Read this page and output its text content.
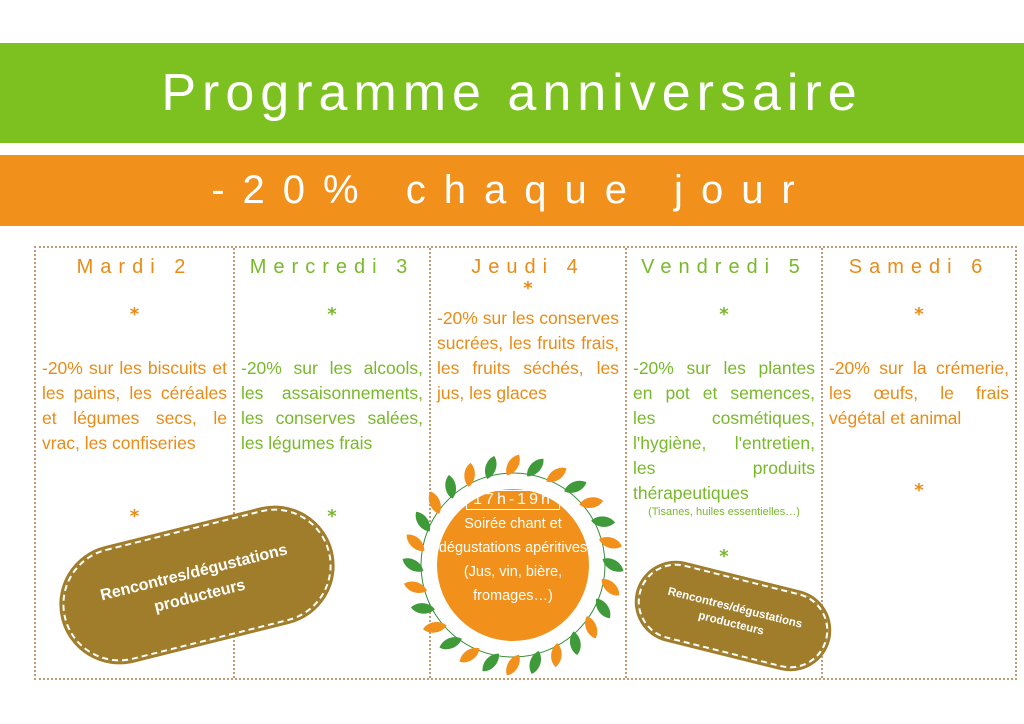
Programme anniversaire
-20% chaque jour
Mardi 2
*
-20% sur les biscuits et les pains, les céréales et légumes secs, le vrac, les confiseries
*
Mercredi 3
*
-20% sur les alcools, les assaisonnements, les conserves salées, les légumes frais
*
Jeudi 4
*
-20% sur les conserves sucrées, les fruits frais, les fruits séchés, les jus, les glaces
Vendredi 5
*
-20% sur les plantes en pot et semences, les cosmétiques, l'hygiène, l'entretien, les produits thérapeutiques
(Tisanes, huiles essentielles…)
*
Samedi 6
*
-20% sur la crémerie, les œufs, le frais végétal et animal
*
Rencontres/dégustations producteurs	Rencontres/dégustations producteurs
17h-19h
Soirée chant et dégustations apéritives (Jus, vin, bière, fromages…)
